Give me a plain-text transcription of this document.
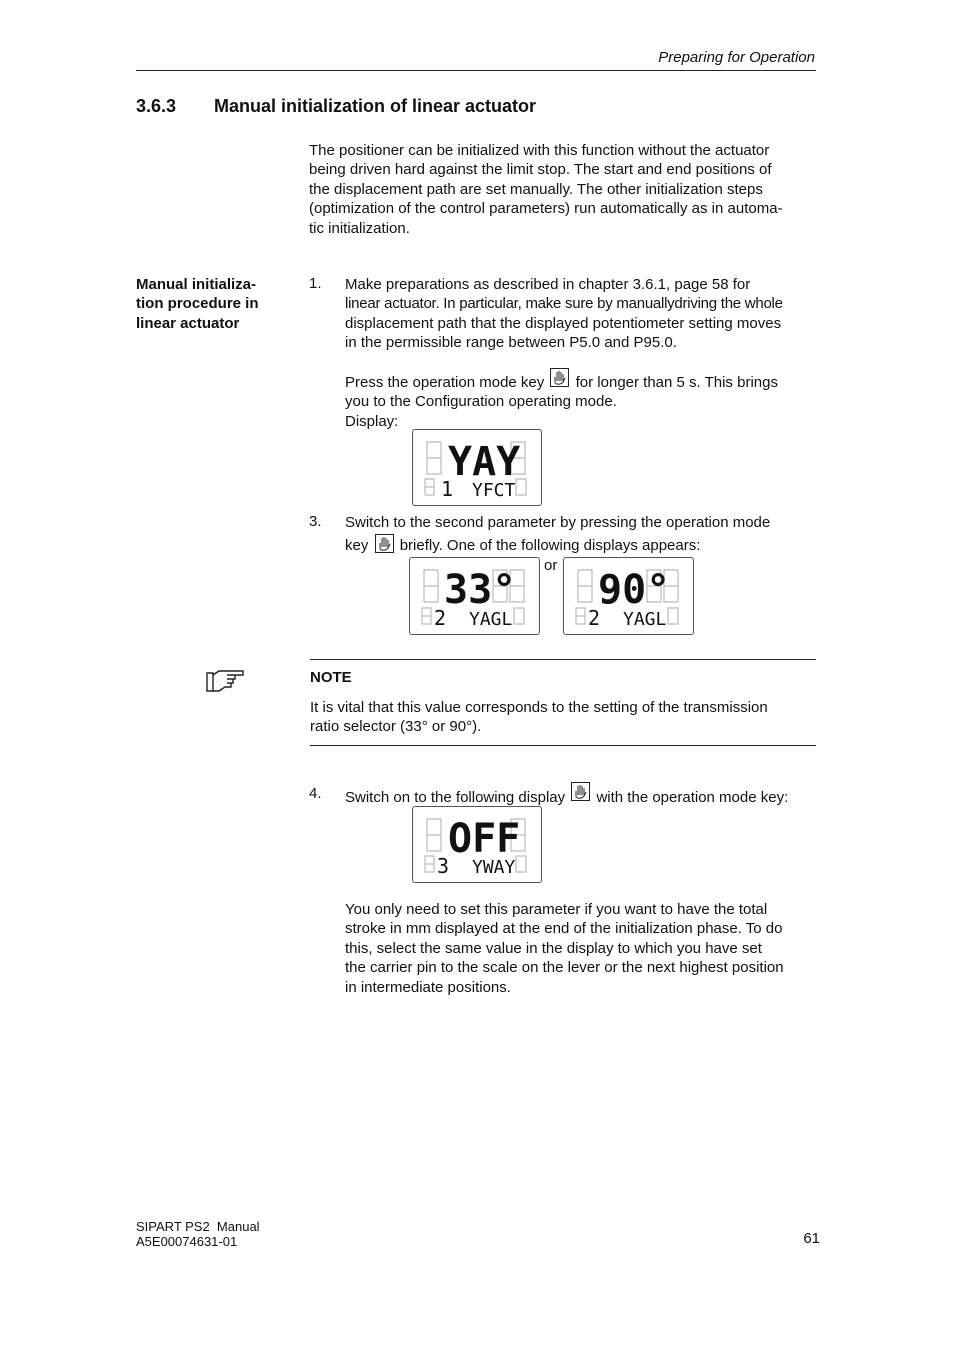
Preparing for Operation
3.6.3 Manual initialization of linear actuator
The positioner can be initialized with this function without the actuator
being driven hard against the limit stop. The start and end positions of
the displacement path are set manually. The other initialization steps
(optimization of the control parameters) run automatically as in automa-
tic initialization.
Manual initializa-
tion procedure in
linear actuator
1. Make preparations as described in chapter 3.6.1, page 58 for
linear actuator. In particular, make sure by manuallydriving the whole
displacement path that the displayed potentiometer setting moves
in the permissible range between P5.0 and P95.0.
Press the operation mode key for longer than 5 s. This brings
you to the Configuration operating mode.
Display:
YAY
1 YFCT
3. Switch to the second parameter by pressing the operation mode
key briefly. One of the following displays appears:
33°
2 YAGL
or
90°
2 YAGL
NOTE
It is vital that this value corresponds to the setting of the transmission
ratio selector (33° or 90°).
4. Switch on to the following display with the operation mode key:
OFF
3 YWAY
You only need to set this parameter if you want to have the total
stroke in mm displayed at the end of the initialization phase. To do
this, select the same value in the display to which you have set
the carrier pin to the scale on the lever or the next highest position
in intermediate positions.
SIPART PS2  Manual
A5E00074631-01	61
